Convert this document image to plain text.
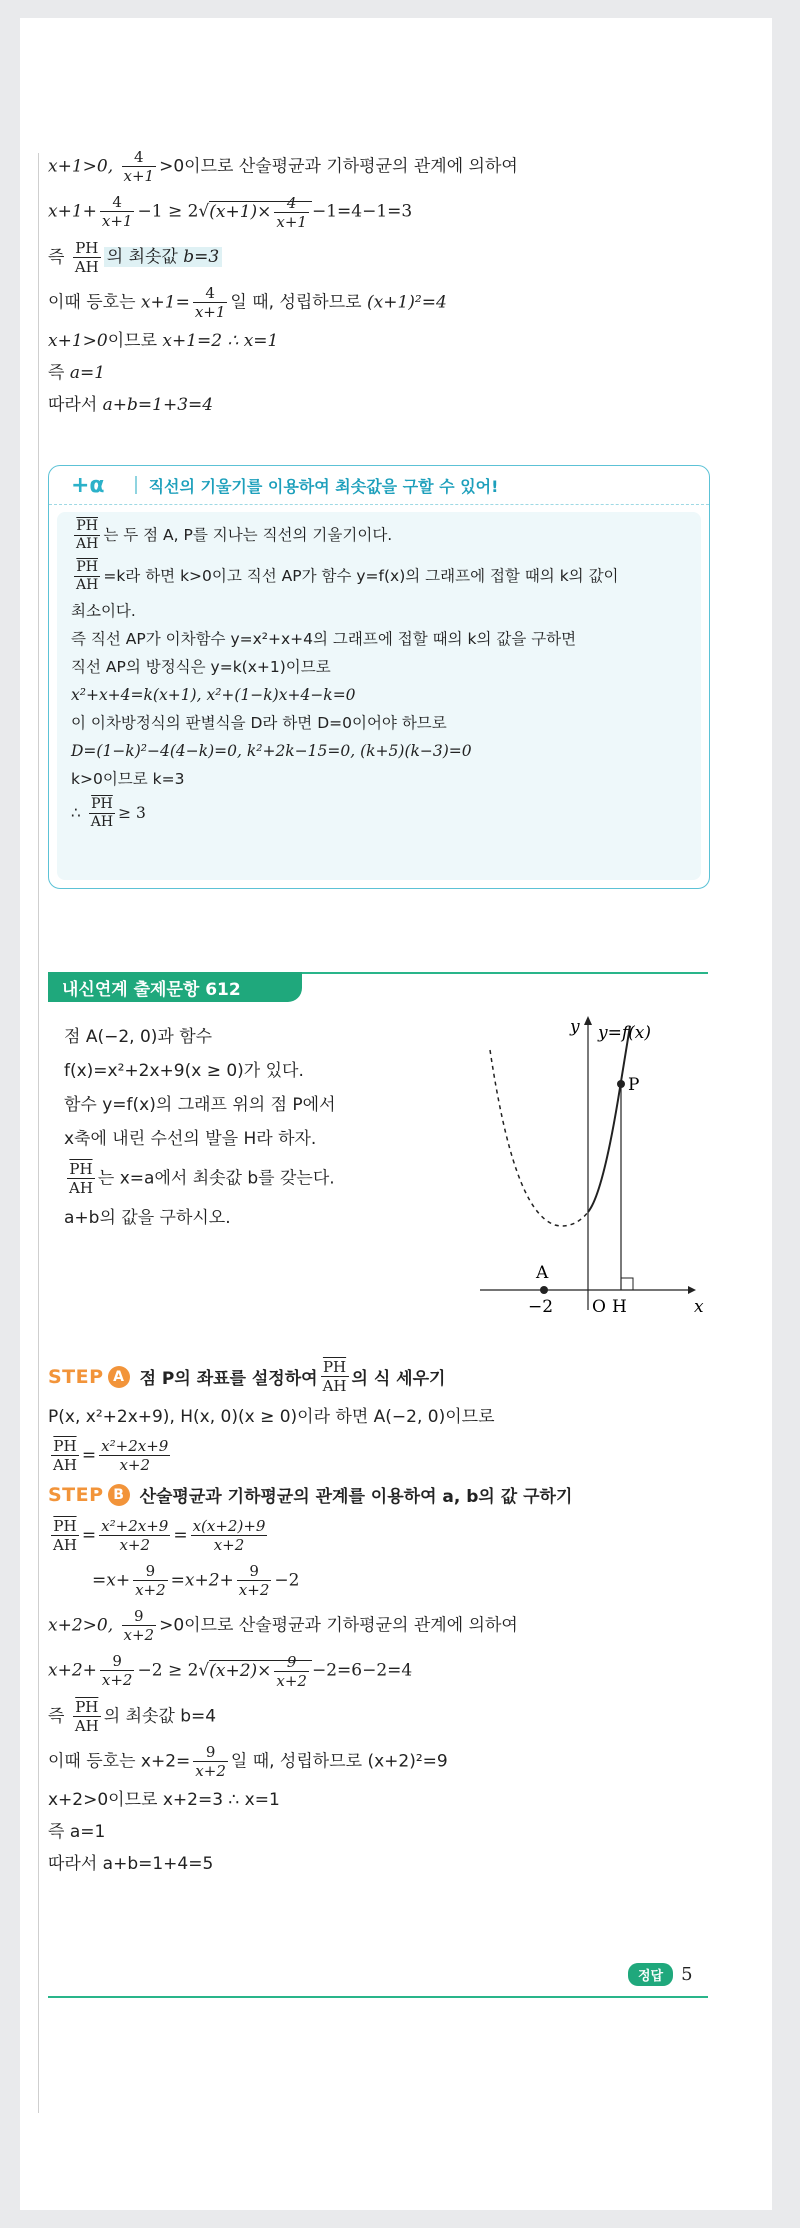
x+1>0, $\frac{4}{x+1} >0$이므로 산술평균과 기하평균의 관계에 의하여
$x+1+ \frac{4}{x+1} -1 \ge 2√(x+1)\times \frac{4}{x+1} -1=4-1=3$
즉 $\frac{PH}{AH}$ 의 최솟값 b=3
이때 등호는 $x+1= \frac{4}{x+1}$ 일 때, 성립하므로 (x+1)²=4
x+1>0이므로 x+1=2 ∴ x=1
즉 a=1
따라서 a+b=1+3=4
+α	직선의 기울기를 이용하여 최솟값을 구할 수 있어!
$\frac{\overline{PH}}{AH}$ 는 두 점 A, P를 지나는 직선의 기울기이다.
$\frac{\overline{PH}}{AH} =k$라 하면 k>0이고 직선 AP가 함수 y=f(x)의 그래프에 접할 때의 k의 값이
최소이다.
즉 직선 AP가 이차함수 y=x²+x+4의 그래프에 접할 때의 k의 값을 구하면
직선 AP의 방정식은 y=k(x+1)이므로
x²+x+4=k(x+1), x²+(1−k)x+4−k=0
이 이차방정식의 판별식을 D라 하면 D=0이어야 하므로
D=(1−k)²−4(4−k)=0, k²+2k−15=0, (k+5)(k−3)=0
k>0이므로 k=3
∴ $\frac{\overline{PH}}{AH} \ge 3$
내신연계 출제문항 612
점 A(−2, 0)과 함수
f(x)=x²+2x+9(x ≥ 0)가 있다.
함수 y=f(x)의 그래프 위의 점 P에서
x축에 내린 수선의 발을 H라 하자.
$\frac{\overline{PH}}{AH}$ 는 x=a에서 최솟값 b를 갖는다.
a+b의 값을 구하시오.
y
x
y=f(x)
P
A
−2 O H
STEP A 점 P의 좌표를 설정하여 $\frac{\overline{PH}}{AH}$ 의 식 세우기
P(x, x²+2x+9), H(x, 0)(x ≥ 0)이라 하면 A(−2, 0)이므로
$\frac{\overline{PH}}{AH} = \frac{\text{x²+2x+9}}{x+2}$
STEP B 산술평균과 기하평균의 관계를 이용하여 a, b의 값 구하기
$\frac{\overline{PH}}{AH} = \frac{\text{x²+2x+9}}{x+2} = \frac{x(x+2)+9}{x+2}$
$=x+ \frac{9}{x+2} =x+2+ \frac{9}{x+2} -2$
x+2>0, $\frac{9}{x+2} >0$이므로 산술평균과 기하평균의 관계에 의하여
$x+2+ \frac{9}{x+2} -2 \ge 2√(x+2)\times \frac{9}{x+2} -2=6-2=4$
즉 $\frac{\overline{PH}}{AH}$ 의 최솟값 b=4
이때 등호는 $x+2= \frac{9}{x+2}$ 일 때, 성립하므로 (x+2)²=9
x+2>0이므로 x+2=3 ∴ x=1
즉 a=1
따라서 a+b=1+4=5
정답	5
